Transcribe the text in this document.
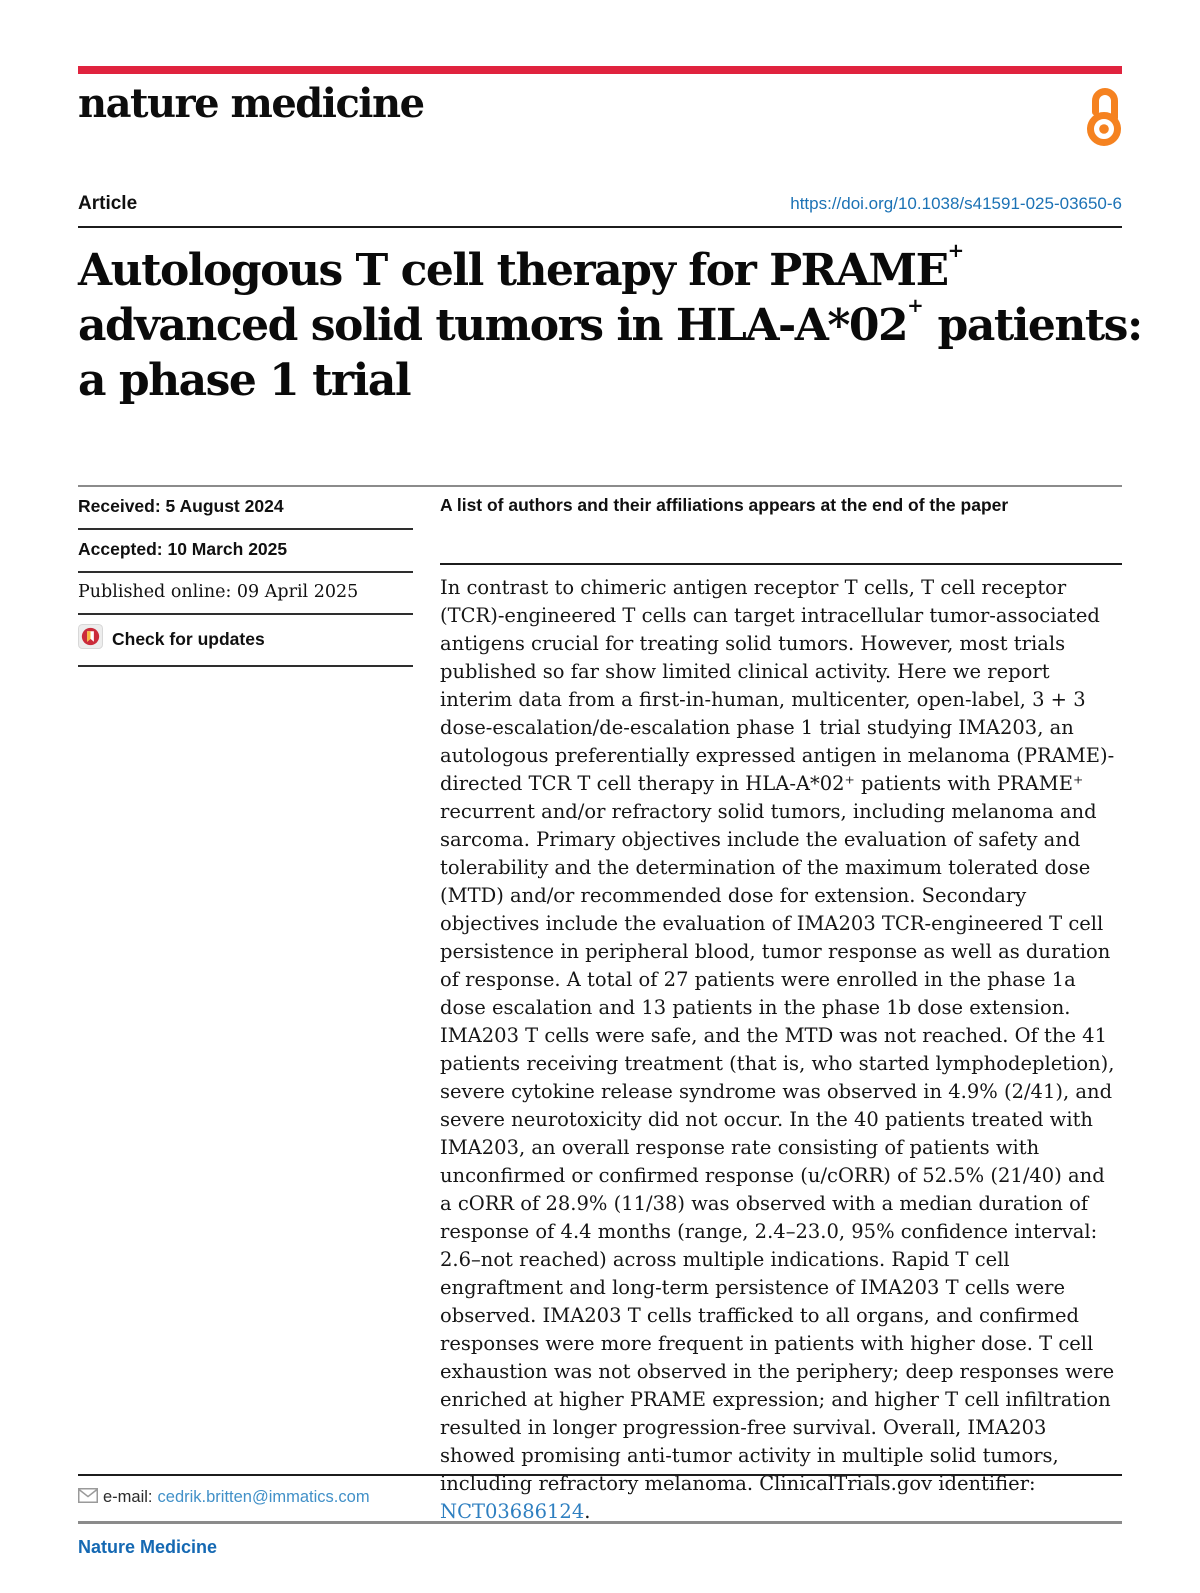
nature medicine
Article	https://doi.org/10.1038/s41591-025-03650-6
Autologous T cell therapy for PRAME+
advanced solid tumors in HLA-A*02+ patients:
a phase 1 trial
Received: 5 August 2024
Accepted: 10 March 2025
Published online: 09 April 2025
Check for updates

A list of authors and their affiliations appears at the end of the paper

In contrast to chimeric antigen receptor T cells, T cell receptor (TCR)-engineered T cells can target intracellular tumor-associated antigens crucial for treating solid tumors. However, most trials published so far show limited clinical activity. Here we report interim data from a first-in-human, multicenter, open-label, 3 + 3 dose-escalation/de-escalation phase 1 trial studying IMA203, an autologous preferentially expressed antigen in melanoma (PRAME)-directed TCR T cell therapy in HLA-A*02⁺ patients with PRAME⁺ recurrent and/or refractory solid tumors, including melanoma and sarcoma. Primary objectives include the evaluation of safety and tolerability and the determination of the maximum tolerated dose (MTD) and/or recommended dose for extension. Secondary objectives include the evaluation of IMA203 TCR-engineered T cell persistence in peripheral blood, tumor response as well as duration of response. A total of 27 patients were enrolled in the phase 1a dose escalation and 13 patients in the phase 1b dose extension. IMA203 T cells were safe, and the MTD was not reached. Of the 41 patients receiving treatment (that is, who started lymphodepletion), severe cytokine release syndrome was observed in 4.9% (2/41), and severe neurotoxicity did not occur. In the 40 patients treated with IMA203, an overall response rate consisting of patients with unconfirmed or confirmed response (u/cORR) of 52.5% (21/40) and a cORR of 28.9% (11/38) was observed with a median duration of response of 4.4 months (range, 2.4–23.0, 95% confidence interval: 2.6–not reached) across multiple indications. Rapid T cell engraftment and long-term persistence of IMA203 T cells were observed. IMA203 T cells trafficked to all organs, and confirmed responses were more frequent in patients with higher dose. T cell exhaustion was not observed in the periphery; deep responses were enriched at higher PRAME expression; and higher T cell infiltration resulted in longer progression-free survival. Overall, IMA203 showed promising anti-tumor activity in multiple solid tumors, including refractory melanoma. ClinicalTrials.gov identifier: NCT03686124.

e-mail: cedrik.britten@immatics.com
Nature Medicine
